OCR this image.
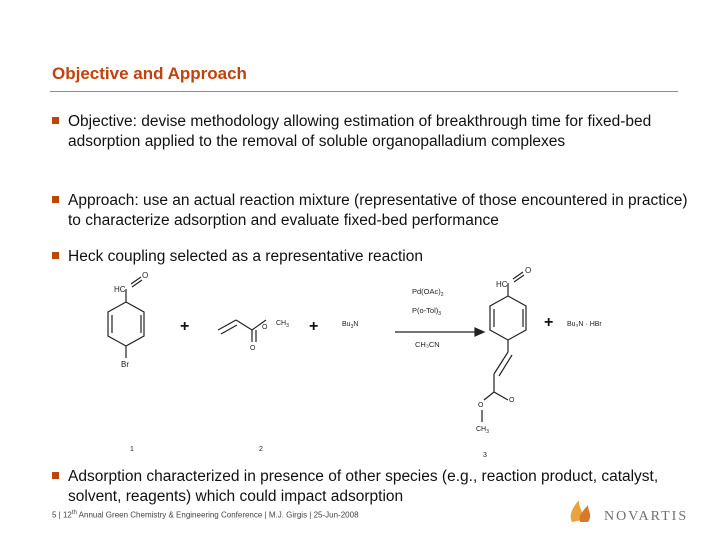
Objective and Approach
Objective: devise methodology allowing estimation of breakthrough time for fixed-bed adsorption applied to the removal of soluble organopalladium complexes
Approach: use an actual reaction mixture (representative of those encountered in practice) to characterize adsorption and evaluate fixed-bed performance
Heck coupling selected as a representative reaction
HC
O
Br
O
$CH_3$
O
$Bu_3N$
$Pd(OAc)_2$
$P(o-Tol)_3$
CH₃CN
HC
O
O
O
$CH_3$
Bu₃N · HBr
1	2
3
+	+	+
Adsorption characterized in presence of other species (e.g., reaction product, catalyst, solvent, reagents) which could impact adsorption
5 | 12th Annual Green Chemistry & Engineering Conference | M.J. Girgis | 25-Jun-2008	NOVARTIS
